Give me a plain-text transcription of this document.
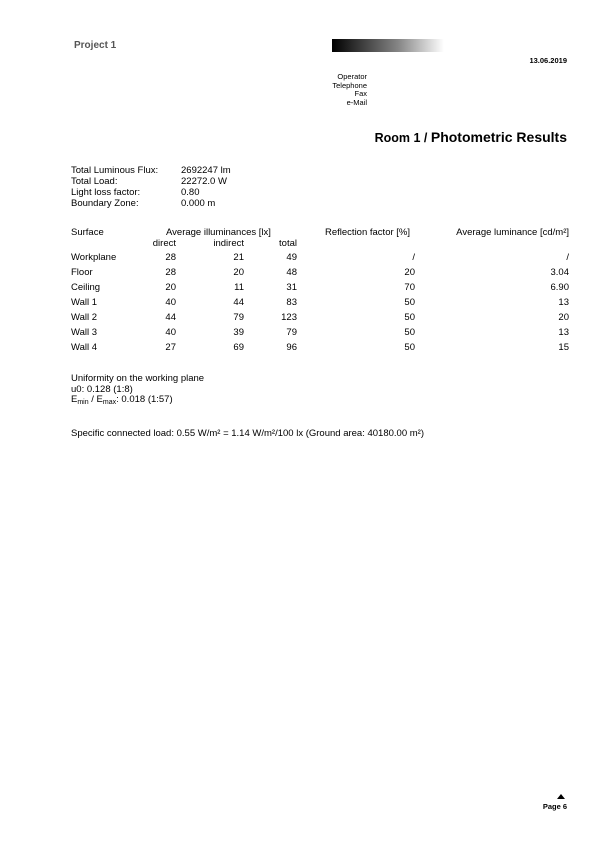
Project 1
13.06.2019
Operator
Telephone
Fax
e-Mail
Room 1 / Photometric Results
Total Luminous Flux:	2692247 lm
Total Load:	22272.0 W
Light loss factor:	0.80
Boundary Zone:	0.000 m
Surface	Average illuminances [lx]	Reflection factor [%]	Average luminance [cd/m²]
direct	indirect	total
Workplane	28	21	49	/	/
Floor	28	20	48	20	3.04
Ceiling	20	11	31	70	6.90
Wall 1	40	44	83	50	13
Wall 2	44	79	123	50	20
Wall 3	40	39	79	50	13
Wall 4	27	69	96	50	15
Uniformity on the working plane
u0: 0.128 (1:8)
$E_{min} / E_{max}$: 0.018 (1:57)
Specific connected load: 0.55 W/m² = 1.14 W/m²/100 lx (Ground area: 40180.00 m²)
Page 6
